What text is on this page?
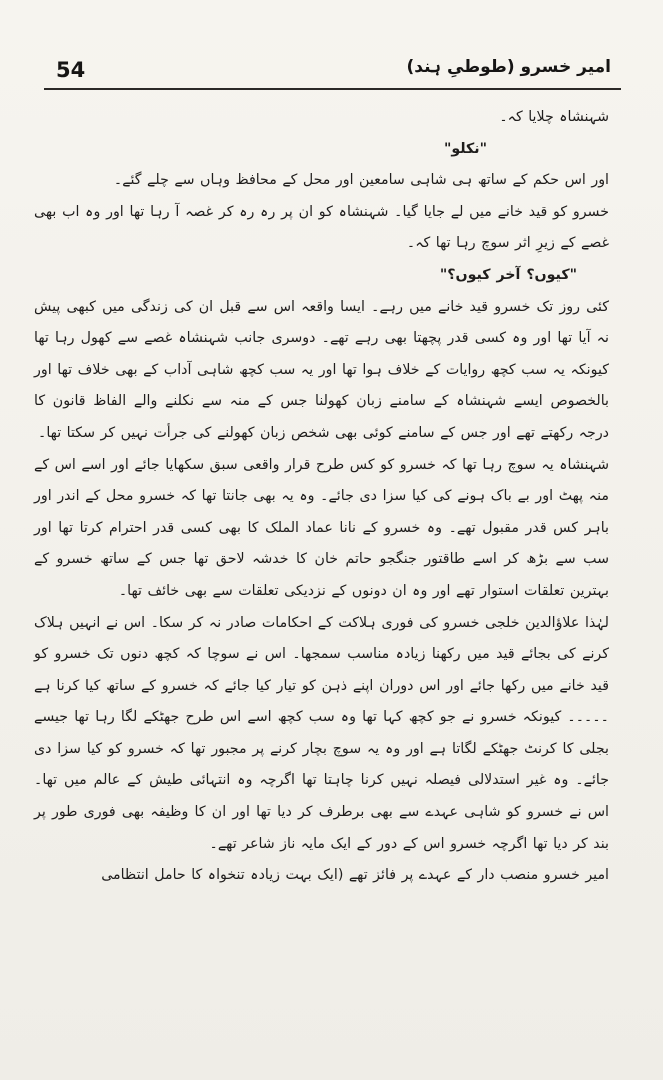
54	امیر خسرو (طوطیِ ہند)

شہنشاہ چلایا کہ۔

"نکلو"

اور اس حکم کے ساتھ ہی شاہی سامعین اور محل کے محافظ وہاں سے چلے گئے۔

خسرو کو قید خانے میں لے جایا گیا۔ شہنشاہ کو ان پر رہ رہ کر غصہ آ رہا تھا اور وہ اب بھی غصے کے زیرِ اثر سوچ رہا تھا کہ۔

"کیوں؟ آخر کیوں؟"

کئی روز تک خسرو قید خانے میں رہے۔ ایسا واقعہ اس سے قبل ان کی زندگی میں کبھی پیش نہ آیا تھا اور وہ کسی قدر پچھتا بھی رہے تھے۔ دوسری جانب شہنشاہ غصے سے کھول رہا تھا کیونکہ یہ سب کچھ روایات کے خلاف ہوا تھا اور یہ سب کچھ شاہی آداب کے بھی خلاف تھا اور بالخصوص ایسے شہنشاہ کے سامنے زبان کھولنا جس کے منہ سے نکلنے والے الفاظ قانون کا درجہ رکھتے تھے اور جس کے سامنے کوئی بھی شخص زبان کھولنے کی جرأت نہیں کر سکتا تھا۔

شہنشاہ یہ سوچ رہا تھا کہ خسرو کو کس طرح قرار واقعی سبق سکھایا جائے اور اسے اس کے منہ پھٹ اور بے باک ہونے کی کیا سزا دی جائے۔ وہ یہ بھی جانتا تھا کہ خسرو محل کے اندر اور باہر کس قدر مقبول تھے۔ وہ خسرو کے نانا عماد الملک کا بھی کسی قدر احترام کرتا تھا اور سب سے بڑھ کر اسے طاقتور جنگجو حاتم خان کا خدشہ لاحق تھا جس کے ساتھ خسرو کے بہترین تعلقات استوار تھے اور وہ ان دونوں کے نزدیکی تعلقات سے بھی خائف تھا۔

لہٰذا علاؤالدین خلجی خسرو کی فوری ہلاکت کے احکامات صادر نہ کر سکا۔ اس نے انہیں ہلاک کرنے کی بجائے قید میں رکھنا زیادہ مناسب سمجھا۔ اس نے سوچا کہ کچھ دنوں تک خسرو کو قید خانے میں رکھا جائے اور اس دوران اپنے ذہن کو تیار کیا جائے کہ خسرو کے ساتھ کیا کرنا ہے ۔۔۔۔۔ کیونکہ خسرو نے جو کچھ کہا تھا وہ سب کچھ اسے اس طرح جھٹکے لگا رہا تھا جیسے بجلی کا کرنٹ جھٹکے لگاتا ہے اور وہ یہ سوچ بچار کرنے پر مجبور تھا کہ خسرو کو کیا سزا دی جائے۔ وہ غیر استدلالی فیصلہ نہیں کرنا چاہتا تھا اگرچہ وہ انتہائی طیش کے عالم میں تھا۔ اس نے خسرو کو شاہی عہدے سے بھی برطرف کر دیا تھا اور ان کا وظیفہ بھی فوری طور پر بند کر دیا تھا اگرچہ خسرو اس کے دور کے ایک مایہ ناز شاعر تھے۔

امیر خسرو منصب دار کے عہدے پر فائز تھے (ایک بہت زیادہ تنخواہ کا حامل انتظامی
